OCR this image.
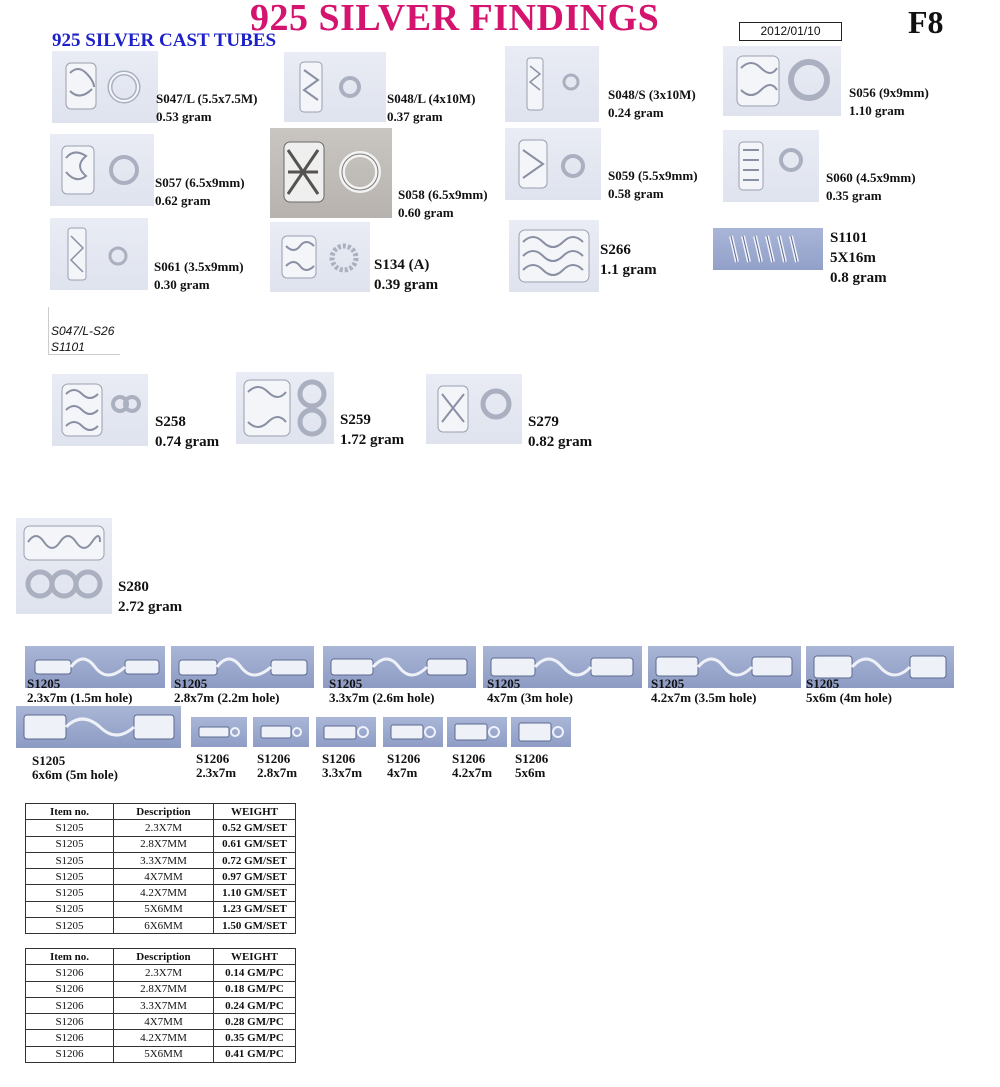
925 SILVER FINDINGS
925 SILVER CAST TUBES	2012/01/10	F8
S047/L (5.5x7.5M)
0.53 gram
S048/L (4x10M)
0.37 gram
S048/S (3x10M)
0.24 gram
S056 (9x9mm)
1.10 gram
S057 (6.5x9mm)
0.62 gram	S058 (6.5x9mm)
0.60 gram
S059 (5.5x9mm)
0.58 gram
S060 (4.5x9mm)
0.35 gram
S061 (3.5x9mm)
0.30 gram
S134 (A)
0.39 gram
S266
1.1 gram
S1101
5X16m
0.8 gram
S047/L-S26
S1101
S258
0.74 gram
S259
1.72 gram
S279
0.82 gram
S280
2.72 gram
S1205
2.3x7m (1.5m hole)
S1205
2.8x7m (2.2m hole)
S1205
3.3x7m (2.6m hole)
S1205
4x7m (3m hole)
S1205
4.2x7m (3.5m hole)
S1205
5x6m (4m hole)
S1205
6x6m (5m hole)
S1206
2.3x7m
S1206
2.8x7m
S1206
3.3x7m
S1206
4x7m
S1206
4.2x7m
S1206
5x6m
Item no.	Description	WEIGHT
S1205	2.3X7M	0.52 GM/SET
S1205	2.8X7MM	0.61 GM/SET
S1205	3.3X7MM	0.72 GM/SET
S1205	4X7MM	0.97 GM/SET
S1205	4.2X7MM	1.10 GM/SET
S1205	5X6MM	1.23 GM/SET
S1205	6X6MM	1.50 GM/SET
Item no.	Description	WEIGHT
S1206	2.3X7M	0.14 GM/PC
S1206	2.8X7MM	0.18 GM/PC
S1206	3.3X7MM	0.24 GM/PC
S1206	4X7MM	0.28 GM/PC
S1206	4.2X7MM	0.35 GM/PC
S1206	5X6MM	0.41 GM/PC
